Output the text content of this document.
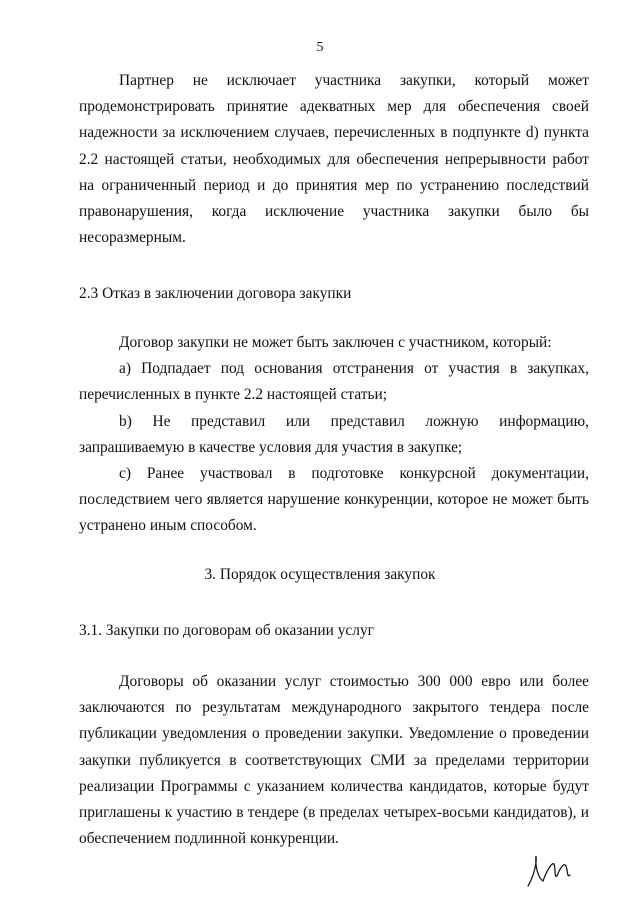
5

Партнер не исключает участника закупки, который может продемонстрировать принятие адекватных мер для обеспечения своей надежности за исключением случаев, перечисленных в подпункте d) пункта 2.2 настоящей статьи, необходимых для обеспечения непрерывности работ на ограниченный период и до принятия мер по устранению последствий правонарушения, когда исключение участника закупки было бы несоразмерным.

2.3 Отказ в заключении договора закупки

Договор закупки не может быть заключен с участником, который:

а) Подпадает под основания отстранения от участия в закупках, перечисленных в пункте 2.2 настоящей статьи;

b) Не представил или представил ложную информацию, запрашиваемую в качестве условия для участия в закупке;

c) Ранее участвовал в подготовке конкурсной документации, последствием чего является нарушение конкуренции, которое не может быть устранено иным способом.

3. Порядок осуществления закупок
3.1. Закупки по договорам об оказании услуг

Договоры об оказании услуг стоимостью 300 000 евро или более заключаются по результатам международного закрытого тендера после публикации уведомления о проведении закупки. Уведомление о проведении закупки публикуется в соответствующих СМИ за пределами территории реализации Программы с указанием количества кандидатов, которые будут приглашены к участию в тендере (в пределах четырех-восьми кандидатов), и обеспечением подлинной конкуренции.
